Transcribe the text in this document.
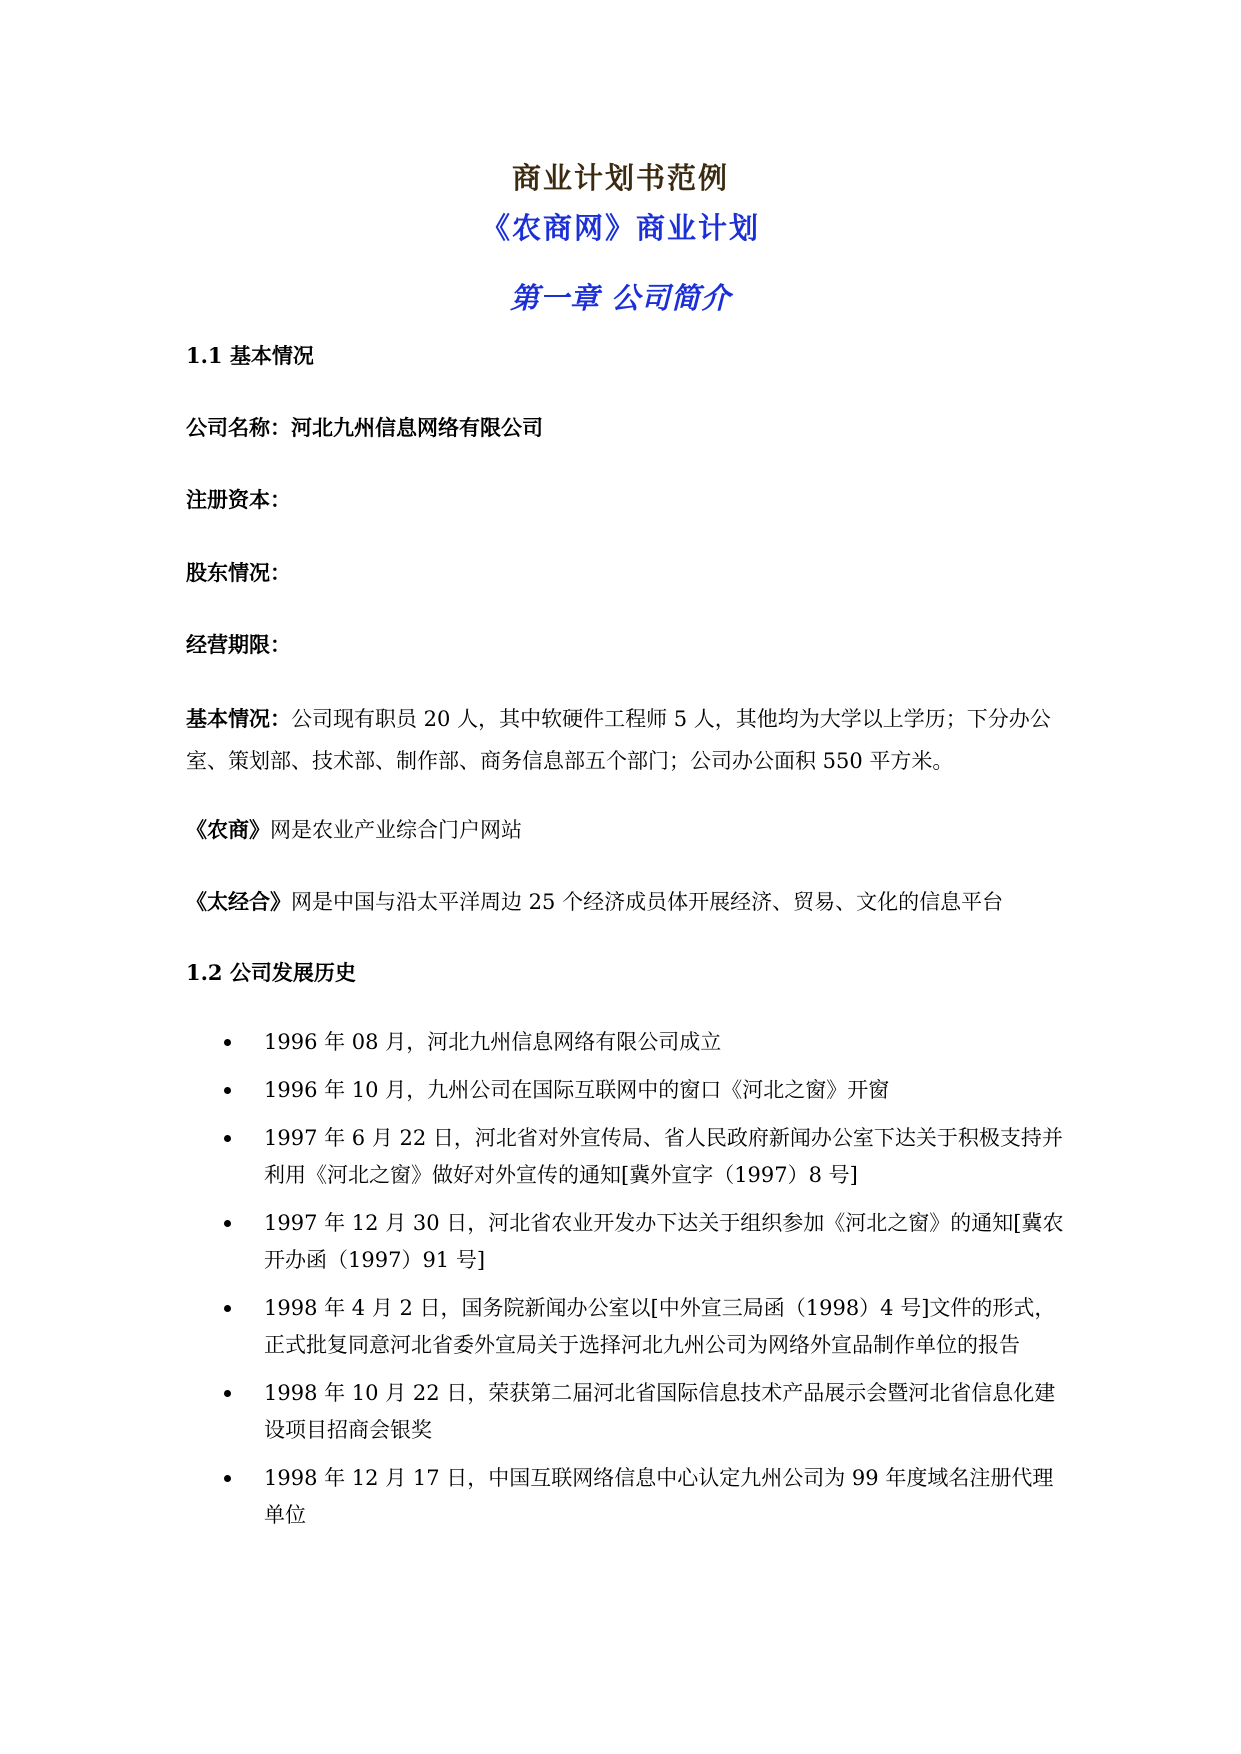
商业计划书范例
《农商网》商业计划
第一章 公司简介
1.1 基本情况
公司名称：河北九州信息网络有限公司
注册资本：
股东情况：
经营期限：
基本情况：公司现有职员 20 人，其中软硬件工程师 5 人，其他均为大学以上学历；下分办公室、策划部、技术部、制作部、商务信息部五个部门；公司办公面积 550 平方米。
《农商》网是农业产业综合门户网站
《太经合》网是中国与沿太平洋周边 25 个经济成员体开展经济、贸易、文化的信息平台
1.2 公司发展历史
1996 年 08 月，河北九州信息网络有限公司成立
1996 年 10 月，九州公司在国际互联网中的窗口《河北之窗》开窗
1997 年 6 月 22 日，河北省对外宣传局、省人民政府新闻办公室下达关于积极支持并利用《河北之窗》做好对外宣传的通知[冀外宣字（1997）8 号]
1997 年 12 月 30 日，河北省农业开发办下达关于组织参加《河北之窗》的通知[冀农开办函（1997）91 号]
1998 年 4 月 2 日，国务院新闻办公室以[中外宣三局函（1998）4 号]文件的形式，正式批复同意河北省委外宣局关于选择河北九州公司为网络外宣品制作单位的报告
1998 年 10 月 22 日，荣获第二届河北省国际信息技术产品展示会暨河北省信息化建设项目招商会银奖
1998 年 12 月 17 日，中国互联网络信息中心认定九州公司为 99 年度域名注册代理单位
